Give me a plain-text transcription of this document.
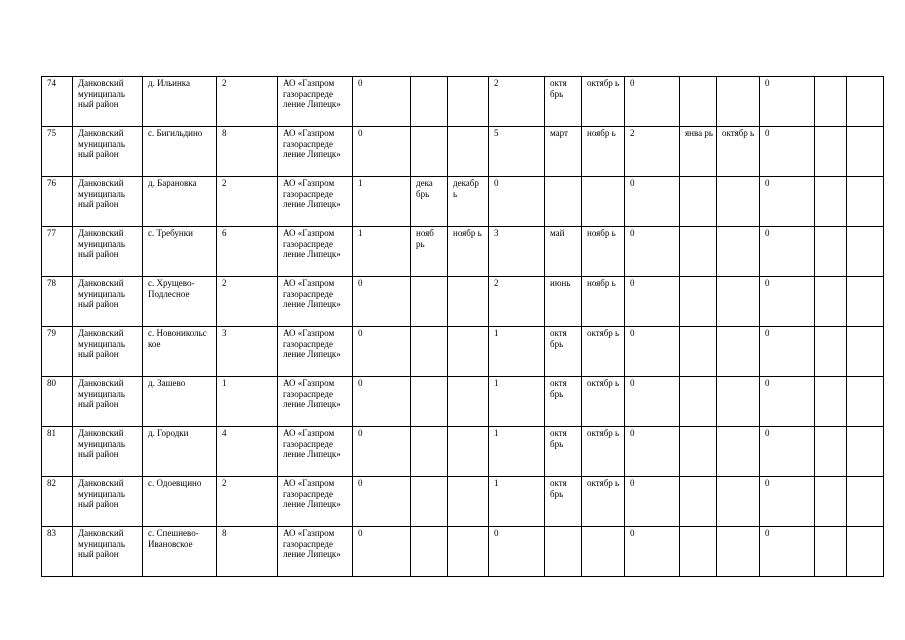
74	Данковский муниципаль ный район	д. Ильинка	2	АО «Газпром газораспреде ление Липецк»	0			2	октя брь	октябр ь	0			0		
75	Данковский муниципаль ный район	с. Бигильдино	8	АО «Газпром газораспреде ление Липецк»	0			5	март	ноябр ь	2	янва рь	октябр ь	0		
76	Данковский муниципаль ный район	д. Барановка	2	АО «Газпром газораспреде ление Липецк»	1	дека брь	декабр ь	0			0			0		
77	Данковский муниципаль ный район	с. Требунки	6	АО «Газпром газораспреде ление Липецк»	1	нояб рь	ноябр ь	3	май	ноябр ь	0			0		
78	Данковский муниципаль ный район	с. Хрущево-Подлесное	2	АО «Газпром газораспреде ление Липецк»	0			2	июнь	ноябр ь	0			0		
79	Данковский муниципаль ный район	с. Новоникольс кое	3	АО «Газпром газораспреде ление Липецк»	0			1	октя брь	октябр ь	0			0		
80	Данковский муниципаль ный район	д. Зашево	1	АО «Газпром газораспреде ление Липецк»	0			1	октя брь	октябр ь	0			0		
81	Данковский муниципаль ный район	д. Городки	4	АО «Газпром газораспреде ление Липецк»	0			1	октя брь	октябр ь	0			0		
82	Данковский муниципаль ный район	с. Одоевщино	2	АО «Газпром газораспреде ление Липецк»	0			1	октя брь	октябр ь	0			0		
83	Данковский муниципаль ный район	с. Спешнево-Ивановское	8	АО «Газпром газораспреде ление Липецк»	0			0			0			0		
